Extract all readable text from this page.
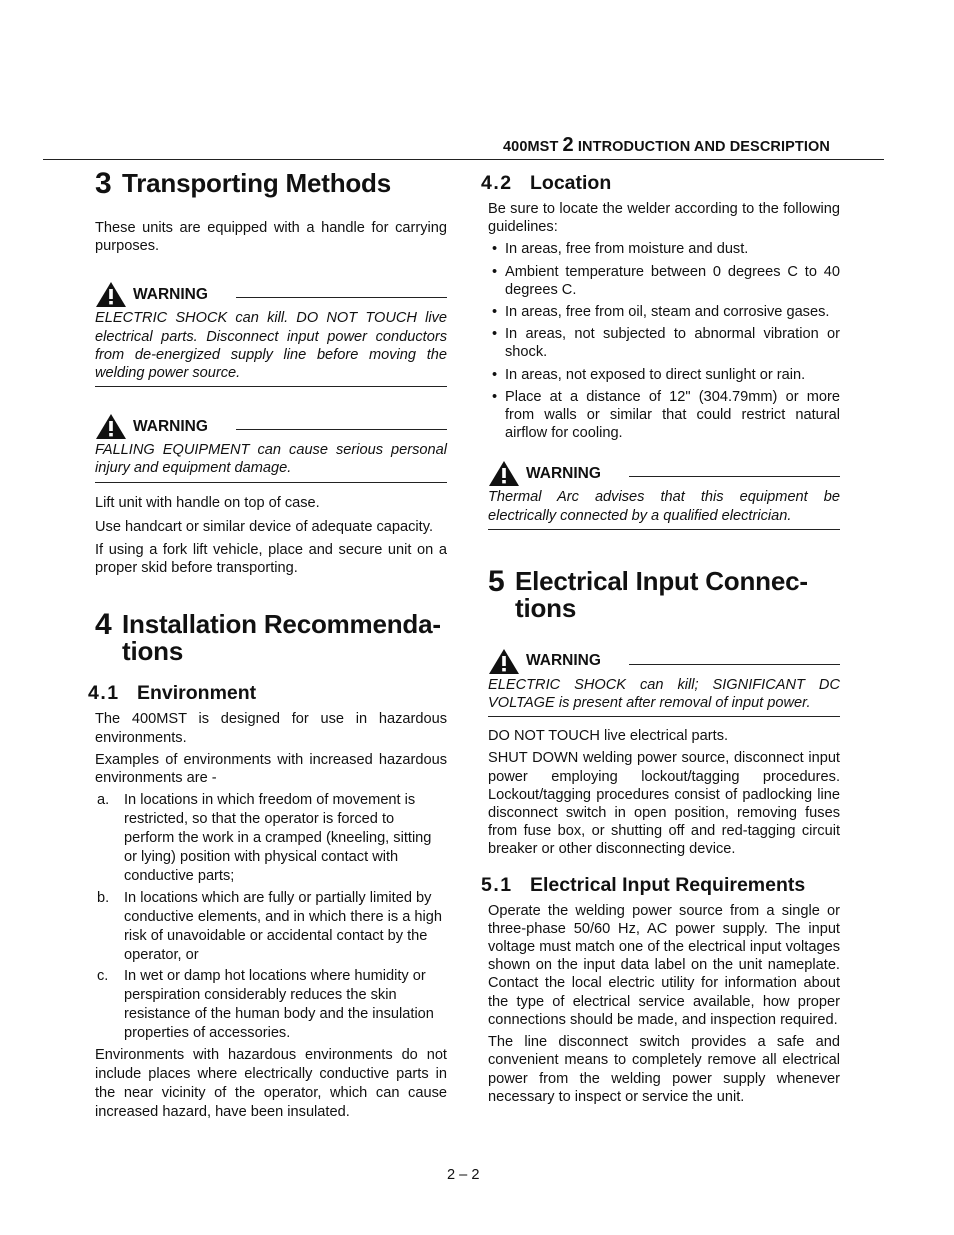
400MST 2 INTRODUCTION AND DESCRIPTION
3 Transporting Methods

These units are equipped with a handle for carrying purposes.

WARNING

ELECTRIC SHOCK can kill. DO NOT TOUCH live electrical parts. Disconnect input power conductors from de-energized supply line before moving the welding power source.

WARNING

FALLING EQUIPMENT can cause serious personal injury and equipment damage.

Lift unit with handle on top of case.

Use handcart or similar device of adequate capacity.

If using a fork lift vehicle, place and secure unit on a proper skid before transporting.

4 Installation Recommenda-
tions
4.1 Environment

The 400MST is designed for use in hazardous environments.

Examples of environments with increased hazardous environments are -

a.	In locations in which freedom of movement is restricted, so that the operator is forced to perform the work in a cramped (kneeling, sitting or lying) position with physical contact with conductive parts;
b.	In locations which are fully or partially limited by conductive elements, and in which there is a high risk of unavoidable or accidental contact by the operator, or
c.	In wet or damp hot locations where humidity or perspiration considerably reduces the skin resistance of the human body and the insulation properties of accessories.

Environments with hazardous environments do not include places where electrically conductive parts in the near vicinity of the operator, which can cause increased hazard, have been insulated.

4.2 Location

Be sure to locate the welder according to the following guidelines:

• In areas, free from moisture and dust.
• Ambient temperature between 0 degrees C to 40 degrees C.
• In areas, free from oil, steam and corrosive gases.
• In areas, not subjected to abnormal vibration or shock.
• In areas, not exposed to direct sunlight or rain.
• Place at a distance of 12" (304.79mm) or more from walls or similar that could restrict natural airflow for cooling.
WARNING

Thermal Arc advises that this equipment be electrically connected by a qualified electrician.

5 Electrical Input Connec-
tions
WARNING

ELECTRIC SHOCK can kill; SIGNIFICANT DC VOLTAGE is present after removal of input power.

DO NOT TOUCH live electrical parts.

SHUT DOWN welding power source, disconnect input power employing lockout/tagging procedures. Lockout/tagging procedures consist of padlocking line disconnect switch in open position, removing fuses from fuse box, or shutting off and red-tagging circuit breaker or other disconnecting device.

5.1 Electrical Input Requirements

Operate the welding power source from a single or three-phase 50/60 Hz, AC power supply. The input voltage must match one of the electrical input voltages shown on the input data label on the unit nameplate. Contact the local electric utility for information about the type of electrical service available, how proper connections should be made, and inspection required.

The line disconnect switch provides a safe and convenient means to completely remove all electrical power from the welding power supply whenever necessary to inspect or service the unit.

2 – 2
